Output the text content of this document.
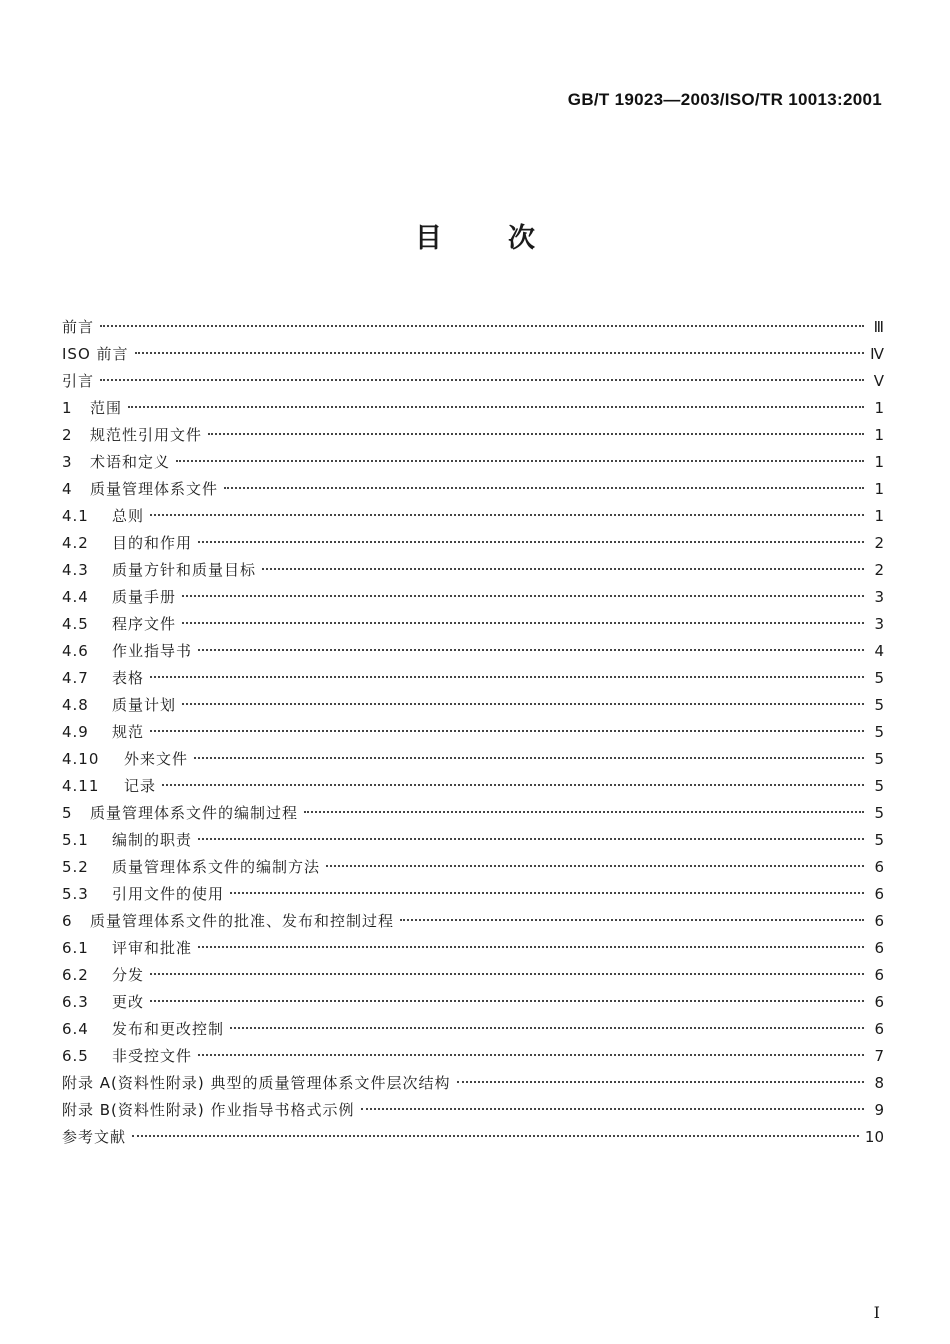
GB/T 19023—2003/ISO/TR 10013:2001
目 次
前言	Ⅲ
ISO 前言	Ⅳ
引言	Ⅴ
1	范围	1
2	规范性引用文件	1
3	术语和定义	1
4	质量管理体系文件	1
4.1	总则	1
4.2	目的和作用	2
4.3	质量方针和质量目标	2
4.4	质量手册	3
4.5	程序文件	3
4.6	作业指导书	4
4.7	表格	5
4.8	质量计划	5
4.9	规范	5
4.10	外来文件	5
4.11	记录	5
5	质量管理体系文件的编制过程	5
5.1	编制的职责	5
5.2	质量管理体系文件的编制方法	6
5.3	引用文件的使用	6
6	质量管理体系文件的批准、发布和控制过程	6
6.1	评审和批准	6
6.2	分发	6
6.3	更改	6
6.4	发布和更改控制	6
6.5	非受控文件	7
附录 A(资料性附录) 典型的质量管理体系文件层次结构	8
附录 B(资料性附录) 作业指导书格式示例	9
参考文献	10
I
